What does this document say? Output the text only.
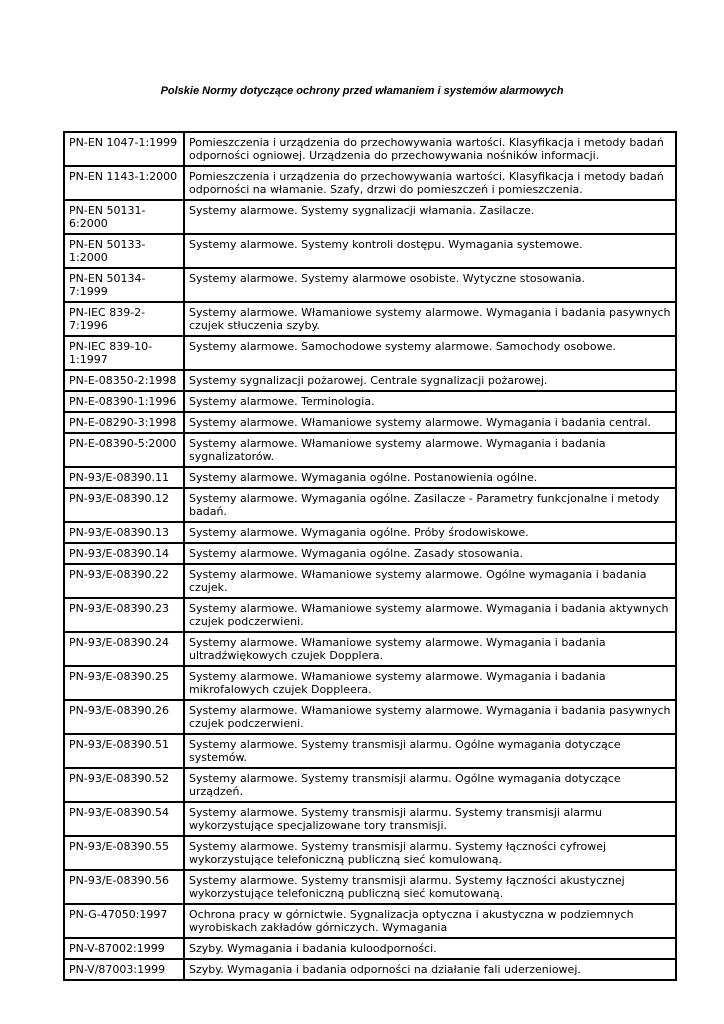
Polskie Normy dotyczące ochrony przed włamaniem i systemów alarmowych
PN-EN 1047-1:1999	Pomieszczenia i urządzenia do przechowywania wartości. Klasyfikacja i metody badań odporności ogniowej. Urządzenia do przechowywania nośników informacji.
PN-EN 1143-1:2000	Pomieszczenia i urządzenia do przechowywania wartości. Klasyfikacja i metody badań odporności na włamanie. Szafy, drzwi do pomieszczeń i pomieszczenia.
PN-EN 50131-6:2000	Systemy alarmowe. Systemy sygnalizacji włamania. Zasilacze.
PN-EN 50133-1:2000	Systemy alarmowe. Systemy kontroli dostępu. Wymagania systemowe.
PN-EN 50134-7:1999	Systemy alarmowe. Systemy alarmowe osobiste. Wytyczne stosowania.
PN-IEC 839-2-7:1996	Systemy alarmowe. Włamaniowe systemy alarmowe. Wymagania i badania pasywnych czujek stłuczenia szyby.
PN-IEC 839-10-1:1997	Systemy alarmowe. Samochodowe systemy alarmowe. Samochody osobowe.
PN-E-08350-2:1998	Systemy sygnalizacji pożarowej. Centrale sygnalizacji pożarowej.
PN-E-08390-1:1996	Systemy alarmowe. Terminologia.
PN-E-08290-3:1998	Systemy alarmowe. Włamaniowe systemy alarmowe. Wymagania i badania central.
PN-E-08390-5:2000	Systemy alarmowe. Włamaniowe systemy alarmowe. Wymagania i badania sygnalizatorów.
PN-93/E-08390.11	Systemy alarmowe. Wymagania ogólne. Postanowienia ogólne.
PN-93/E-08390.12	Systemy alarmowe. Wymagania ogólne. Zasilacze - Parametry funkcjonalne i metody badań.
PN-93/E-08390.13	Systemy alarmowe. Wymagania ogólne. Próby środowiskowe.
PN-93/E-08390.14	Systemy alarmowe. Wymagania ogólne. Zasady stosowania.
PN-93/E-08390.22	Systemy alarmowe. Włamaniowe systemy alarmowe. Ogólne wymagania i badania czujek.
PN-93/E-08390.23	Systemy alarmowe. Włamaniowe systemy alarmowe. Wymagania i badania aktywnych czujek podczerwieni.
PN-93/E-08390.24	Systemy alarmowe. Włamaniowe systemy alarmowe. Wymagania i badania ultradźwiękowych czujek Dopplera.
PN-93/E-08390.25	Systemy alarmowe. Włamaniowe systemy alarmowe. Wymagania i badania mikrofalowych czujek Doppleera.
PN-93/E-08390.26	Systemy alarmowe. Włamaniowe systemy alarmowe. Wymagania i badania pasywnych czujek podczerwieni.
PN-93/E-08390.51	Systemy alarmowe. Systemy transmisji alarmu. Ogólne wymagania dotyczące systemów.
PN-93/E-08390.52	Systemy alarmowe. Systemy transmisji alarmu. Ogólne wymagania dotyczące urządzeń.
PN-93/E-08390.54	Systemy alarmowe. Systemy transmisji alarmu. Systemy transmisji alarmu wykorzystujące specjalizowane tory transmisji.
PN-93/E-08390.55	Systemy alarmowe. Systemy transmisji alarmu. Systemy łączności cyfrowej wykorzystujące telefoniczną publiczną sieć komulowaną.
PN-93/E-08390.56	Systemy alarmowe. Systemy transmisji alarmu. Systemy łączności akustycznej wykorzystujące telefoniczną publiczną sieć komutowaną.
PN-G-47050:1997	Ochrona pracy w górnictwie. Sygnalizacja optyczna i akustyczna w podziemnych wyrobiskach zakładów górniczych. Wymagania
PN-V-87002:1999	Szyby. Wymagania i badania kuloodporności.
PN-V/87003:1999	Szyby. Wymagania i badania odporności na działanie fali uderzeniowej.
